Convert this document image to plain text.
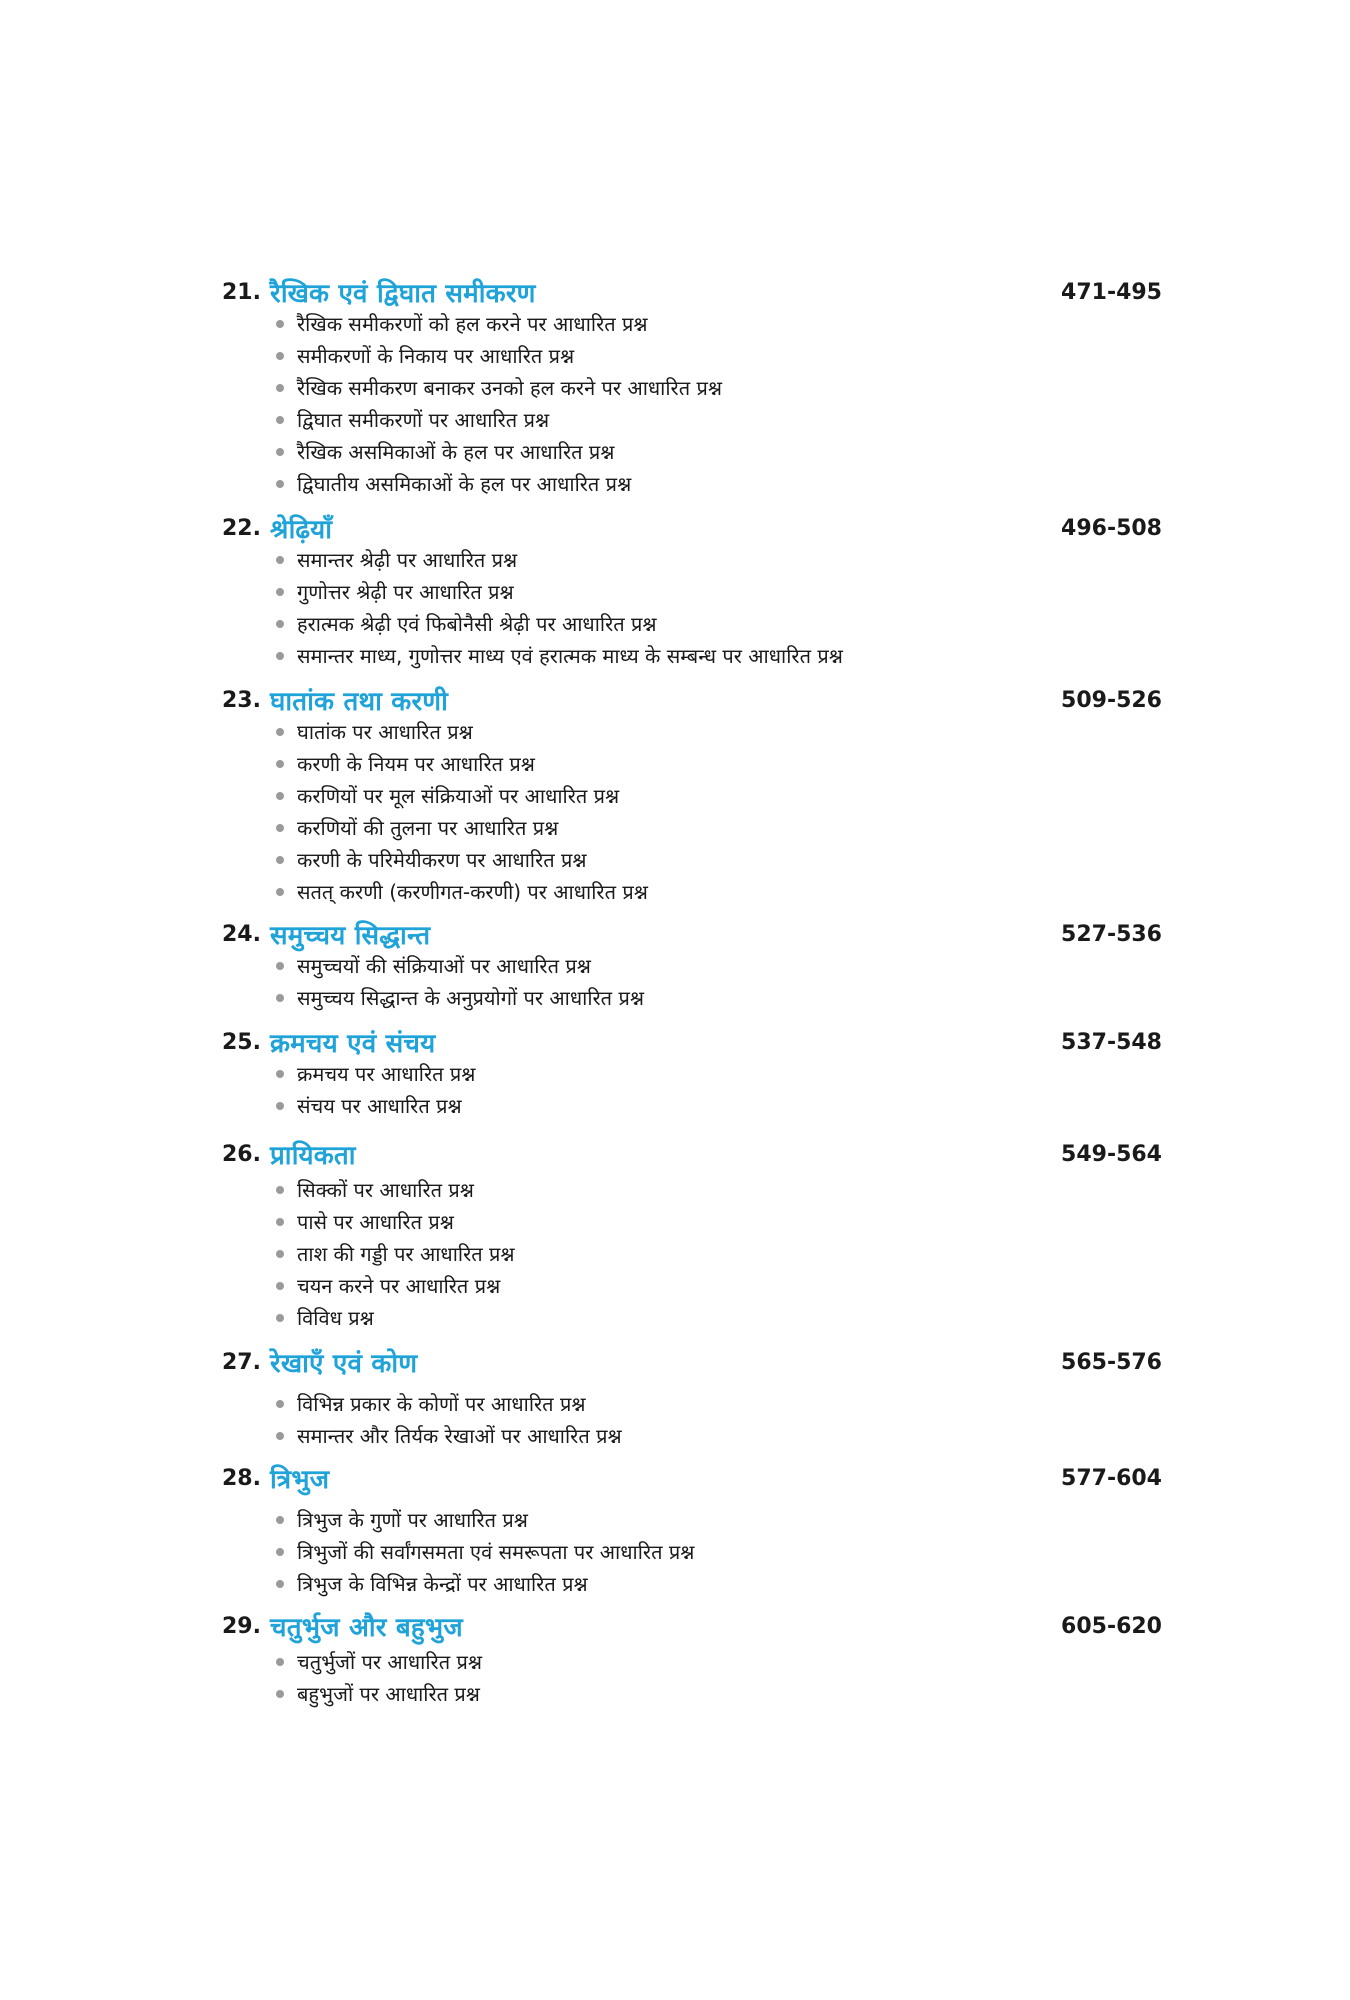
21. रैखिक एवं द्विघात समीकरण	471-495
रैखिक समीकरणों को हल करने पर आधारित प्रश्न
समीकरणों के निकाय पर आधारित प्रश्न
रैखिक समीकरण बनाकर उनको हल करने पर आधारित प्रश्न
द्विघात समीकरणों पर आधारित प्रश्न
रैखिक असमिकाओं के हल पर आधारित प्रश्न
द्विघातीय असमिकाओं के हल पर आधारित प्रश्न
22. श्रेढ़ियाँ	496-508
समान्तर श्रेढ़ी पर आधारित प्रश्न
गुणोत्तर श्रेढ़ी पर आधारित प्रश्न
हरात्मक श्रेढ़ी एवं फिबोनैसी श्रेढ़ी पर आधारित प्रश्न
समान्तर माध्य, गुणोत्तर माध्य एवं हरात्मक माध्य के सम्बन्ध पर आधारित प्रश्न
23. घातांक तथा करणी	509-526
घातांक पर आधारित प्रश्न
करणी के नियम पर आधारित प्रश्न
करणियों पर मूल संक्रियाओं पर आधारित प्रश्न
करणियों की तुलना पर आधारित प्रश्न
करणी के परिमेयीकरण पर आधारित प्रश्न
सतत् करणी (करणीगत-करणी) पर आधारित प्रश्न
24. समुच्चय सिद्धान्त	527-536
समुच्चयों की संक्रियाओं पर आधारित प्रश्न
समुच्चय सिद्धान्त के अनुप्रयोगों पर आधारित प्रश्न
25. क्रमचय एवं संचय	537-548
क्रमचय पर आधारित प्रश्न
संचय पर आधारित प्रश्न
26. प्रायिकता	549-564
सिक्कों पर आधारित प्रश्न
पासे पर आधारित प्रश्न
ताश की गड्डी पर आधारित प्रश्न
चयन करने पर आधारित प्रश्न
विविध प्रश्न
27. रेखाएँ एवं कोण	565-576
विभिन्न प्रकार के कोणों पर आधारित प्रश्न
समान्तर और तिर्यक रेखाओं पर आधारित प्रश्न
28. त्रिभुज	577-604
त्रिभुज के गुणों पर आधारित प्रश्न
त्रिभुजों की सर्वांगसमता एवं समरूपता पर आधारित प्रश्न
त्रिभुज के विभिन्न केन्द्रों पर आधारित प्रश्न
29. चतुर्भुज और बहुभुज	605-620
चतुर्भुजों पर आधारित प्रश्न
बहुभुजों पर आधारित प्रश्न
